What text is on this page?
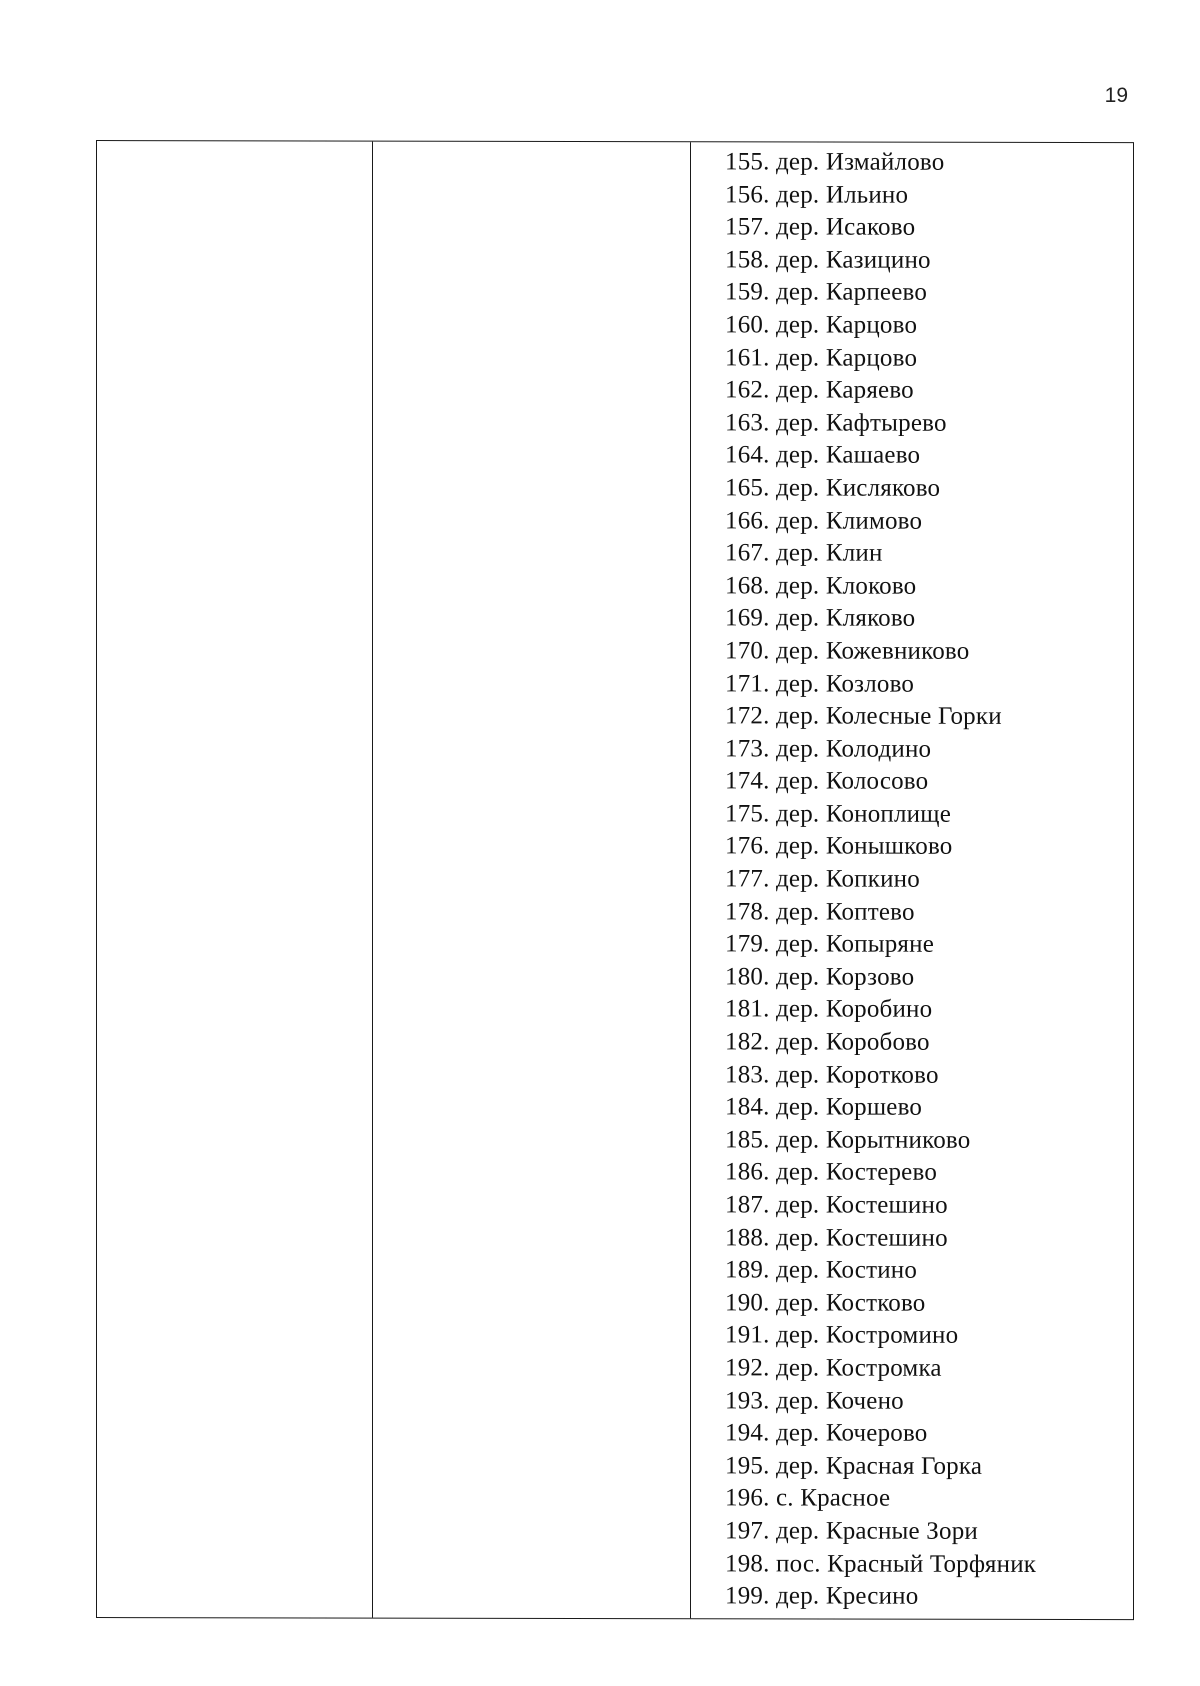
19
155. дер. Измайлово
156. дер. Ильино
157. дер. Исаково
158. дер. Казицино
159. дер. Карпеево
160. дер. Карцово
161. дер. Карцово
162. дер. Каряево
163. дер. Кафтырево
164. дер. Кашаево
165. дер. Кисляково
166. дер. Климово
167. дер. Клин
168. дер. Клоково
169. дер. Кляково
170. дер. Кожевниково
171. дер. Козлово
172. дер. Колесные Горки
173. дер. Колодино
174. дер. Колосово
175. дер. Коноплище
176. дер. Конышково
177. дер. Копкино
178. дер. Коптево
179. дер. Копыряне
180. дер. Корзово
181. дер. Коробино
182. дер. Коробово
183. дер. Коротково
184. дер. Коршево
185. дер. Корытниково
186. дер. Костерево
187. дер. Костешино
188. дер. Костешино
189. дер. Костино
190. дер. Костково
191. дер. Костромино
192. дер. Костромка
193. дер. Кочено
194. дер. Кочерово
195. дер. Красная Горка
196. с. Красное
197. дер. Красные Зори
198. пос. Красный Торфяник
199. дер. Кресино
